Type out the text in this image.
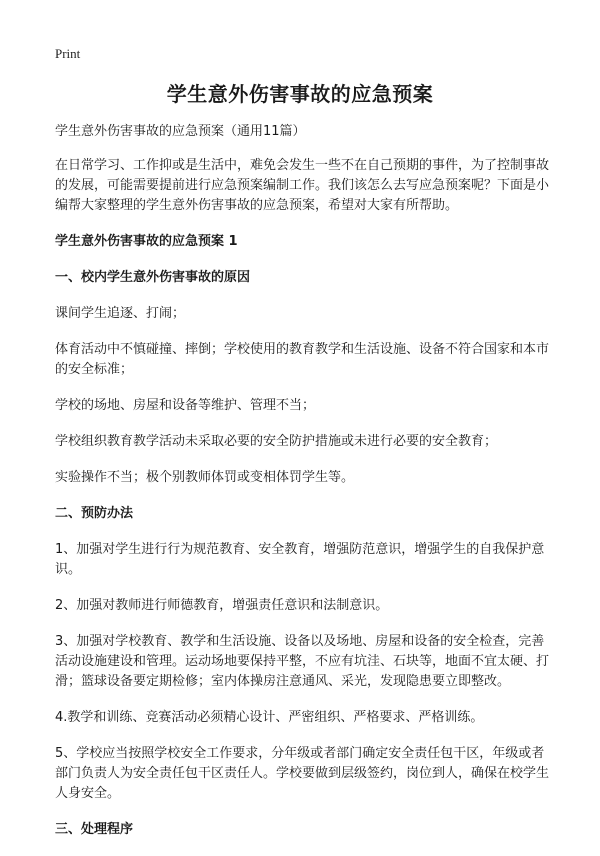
Print
学生意外伤害事故的应急预案

学生意外伤害事故的应急预案（通用11篇）

在日常学习、工作抑或是生活中，难免会发生一些不在自己预期的事件，为了控制事故的发展，可能需要提前进行应急预案编制工作。我们该怎么去写应急预案呢？下面是小编帮大家整理的学生意外伤害事故的应急预案，希望对大家有所帮助。

学生意外伤害事故的应急预案 1
一、校内学生意外伤害事故的原因

课间学生追逐、打闹；

体育活动中不慎碰撞、摔倒；学校使用的教育教学和生活设施、设备不符合国家和本市的安全标准；

学校的场地、房屋和设备等维护、管理不当；

学校组织教育教学活动未采取必要的安全防护措施或未进行必要的安全教育；

实验操作不当；极个别教师体罚或变相体罚学生等。

二、预防办法

1、加强对学生进行行为规范教育、安全教育，增强防范意识，增强学生的自我保护意识。

2、加强对教师进行师德教育，增强责任意识和法制意识。

3、加强对学校教育、教学和生活设施、设备以及场地、房屋和设备的安全检查，完善活动设施建设和管理。运动场地要保持平整，不应有坑洼、石块等，地面不宜太硬、打滑；篮球设备要定期检修；室内体操房注意通风、采光，发现隐患要立即整改。

4.教学和训练、竞赛活动必须精心设计、严密组织、严格要求、严格训练。

5、学校应当按照学校安全工作要求，分年级或者部门确定安全责任包干区，年级或者部门负责人为安全责任包干区责任人。学校要做到层级签约，岗位到人，确保在校学生人身安全。

三、处理程序
